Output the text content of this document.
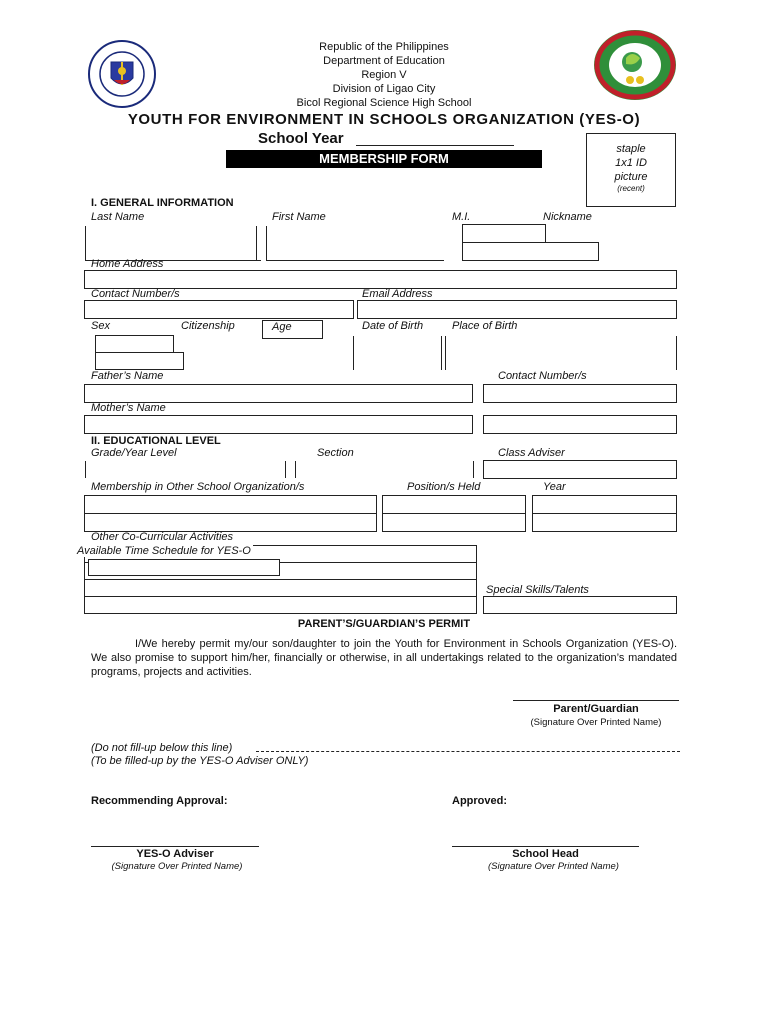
Republic of the Philippines
Department of Education
Region V
Division of Ligao City
Bicol Regional Science High School
YOUTH FOR ENVIRONMENT IN SCHOOLS ORGANIZATION (YES-O)
School Year
MEMBERSHIP FORM
staple
1x1 ID
picture
(recent)
I. GENERAL INFORMATION
Last Name	First Name	M.I.	Nickname
Home Address
Contact Number/s	Email Address
Sex	Citizenship	Age	Date of Birth	Place of Birth
Father’s Name	Contact Number/s
Mother’s Name
II. EDUCATIONAL LEVEL
Grade/Year Level	Section	Class Adviser
Membership in Other School Organization/s	Position/s Held	Year
Other Co-Curricular Activities
Available Time Schedule for YES-O
Special Skills/Talents
PARENT’S/GUARDIAN’S PERMIT
I/We hereby permit my/our son/daughter to join the Youth for Environment in Schools Organization (YES-O). We also promise to support him/her, financially or otherwise, in all undertakings related to the organization’s mandated programs, projects and activities.
Parent/Guardian
(Signature Over Printed Name)
(Do not fill-up below this line)
(To be filled-up by the YES-O Adviser ONLY)
Recommending Approval:	Approved:
YES-O Adviser
(Signature Over Printed Name)
School Head
(Signature Over Printed Name)
